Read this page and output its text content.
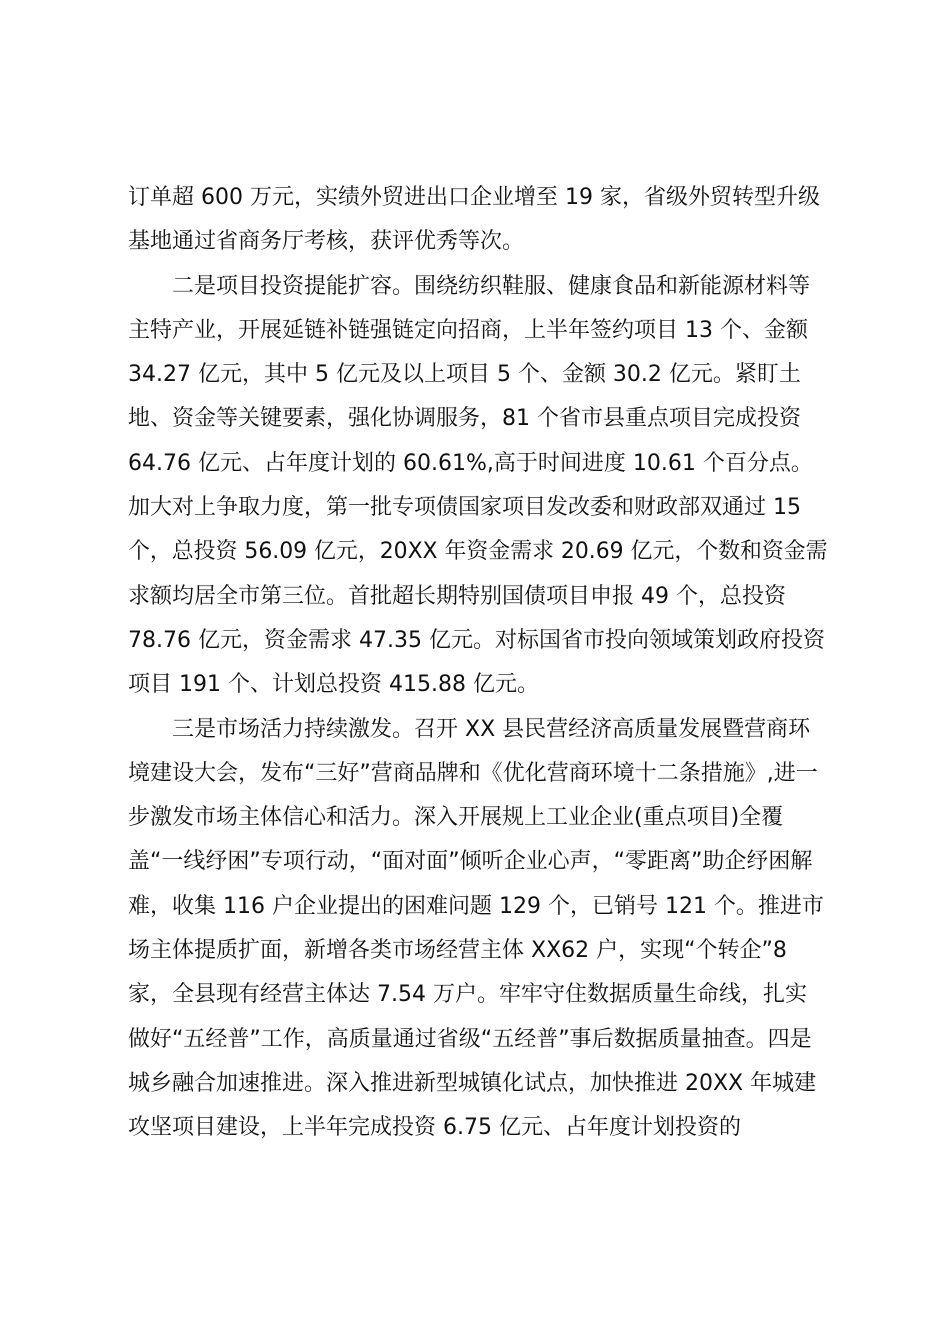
订单超 600 万元，实绩外贸进出口企业增至 19 家，省级外贸转型升级
基地通过省商务厅考核，获评优秀等次。
二是项目投资提能扩容。围绕纺织鞋服、健康食品和新能源材料等
主特产业，开展延链补链强链定向招商，上半年签约项目 13 个、金额
34.27 亿元，其中 5 亿元及以上项目 5 个、金额 30.2 亿元。紧盯土
地、资金等关键要素，强化协调服务，81 个省市县重点项目完成投资
64.76 亿元、占年度计划的 60.61%,高于时间进度 10.61 个百分点。
加大对上争取力度，第一批专项债国家项目发改委和财政部双通过 15
个，总投资 56.09 亿元，20XX 年资金需求 20.69 亿元，个数和资金需
求额均居全市第三位。首批超长期特别国债项目申报 49 个，总投资
78.76 亿元，资金需求 47.35 亿元。对标国省市投向领域策划政府投资
项目 191 个、计划总投资 415.88 亿元。
三是市场活力持续激发。召开 XX 县民营经济高质量发展暨营商环
境建设大会，发布“三好”营商品牌和《优化营商环境十二条措施》,进一
步激发市场主体信心和活力。深入开展规上工业企业(重点项目)全覆
盖“一线纾困”专项行动，“面对面”倾听企业心声，“零距离”助企纾困解
难，收集 116 户企业提出的困难问题 129 个，已销号 121 个。推进市
场主体提质扩面，新增各类市场经营主体 XX62 户，实现“个转企”8
家，全县现有经营主体达 7.54 万户。牢牢守住数据质量生命线，扎实
做好“五经普”工作，高质量通过省级“五经普”事后数据质量抽查。四是
城乡融合加速推进。深入推进新型城镇化试点，加快推进 20XX 年城建
攻坚项目建设，上半年完成投资 6.75 亿元、占年度计划投资的
